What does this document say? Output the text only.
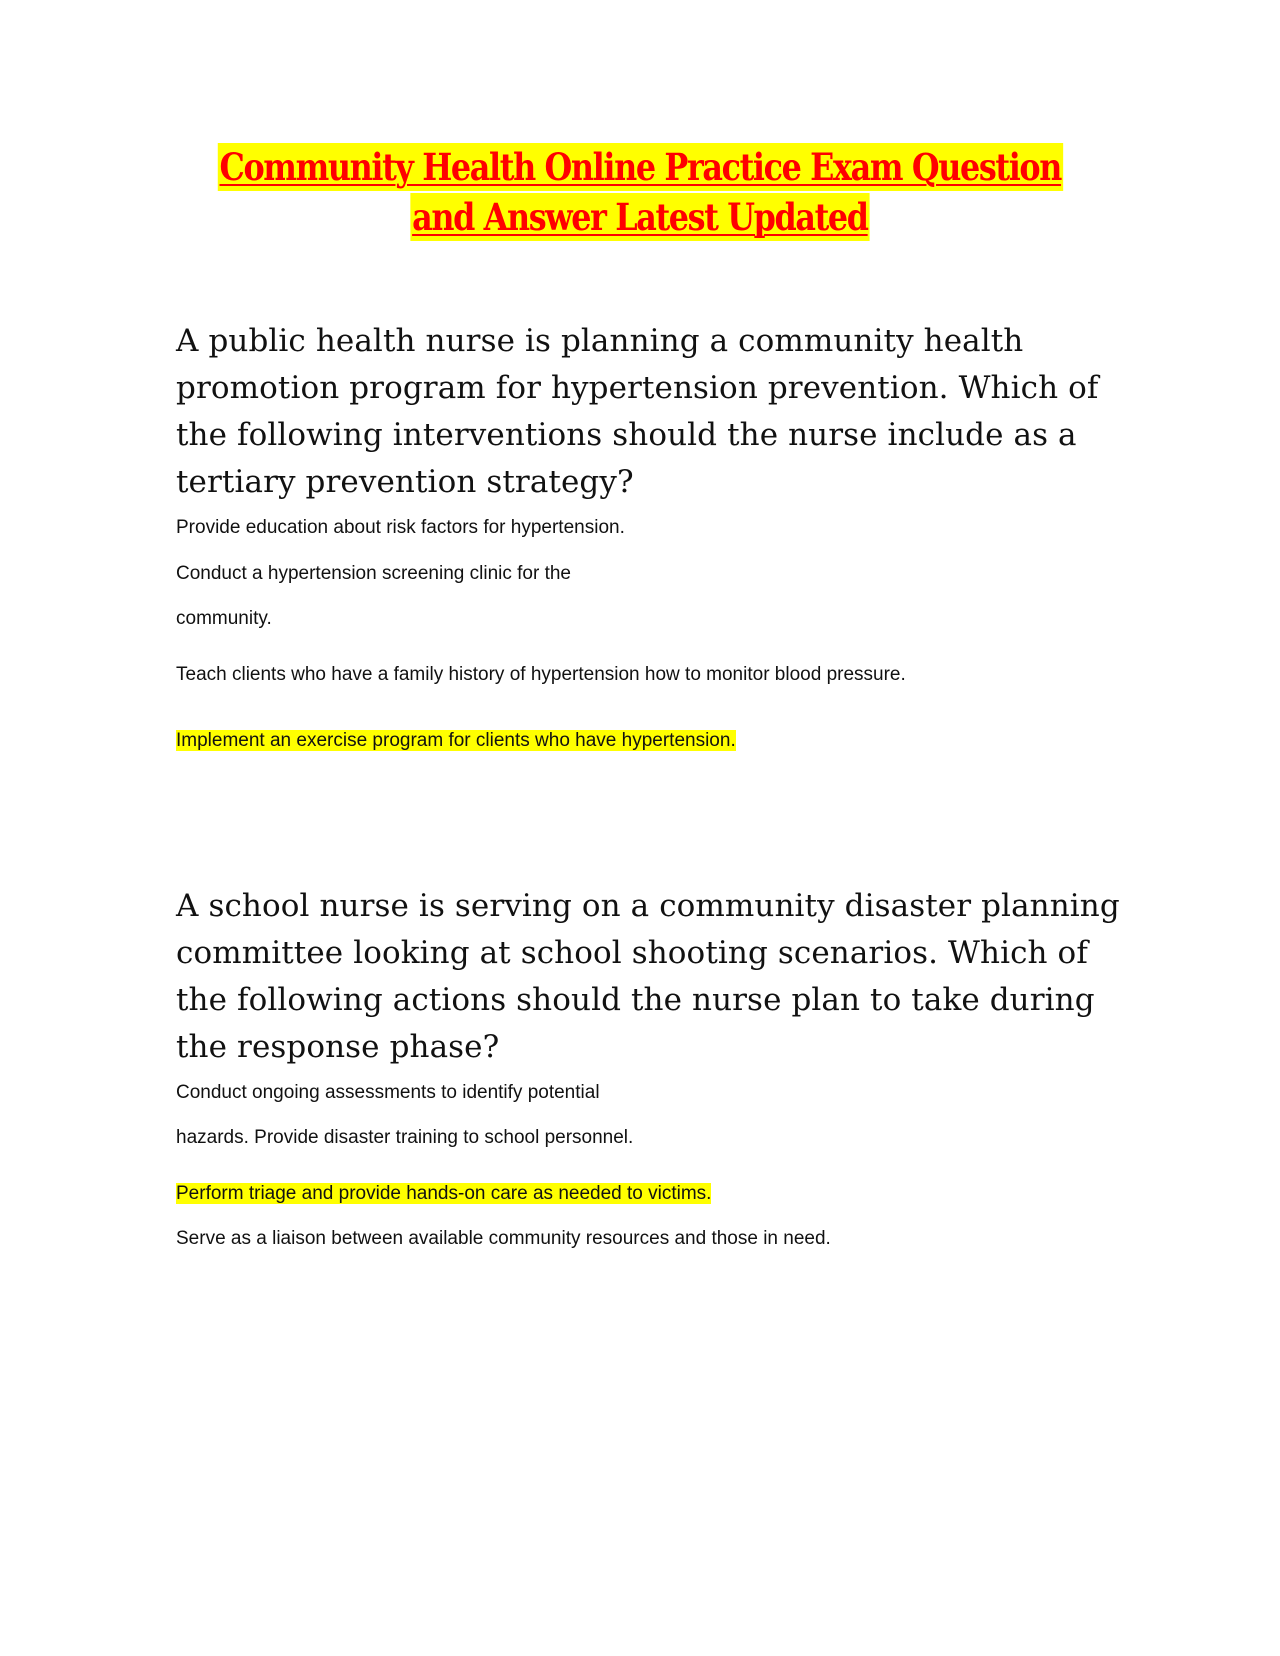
Community Health Online Practice Exam Question
and Answer Latest Updated
A public health nurse is planning a community health
promotion program for hypertension prevention. Which of
the following interventions should the nurse include as a
tertiary prevention strategy?

Provide education about risk factors for hypertension.

Conduct a hypertension screening clinic for the

community.

Teach clients who have a family history of hypertension how to monitor blood pressure.

Implement an exercise program for clients who have hypertension.

A school nurse is serving on a community disaster planning
committee looking at school shooting scenarios. Which of
the following actions should the nurse plan to take during
the response phase?

Conduct ongoing assessments to identify potential

hazards. Provide disaster training to school personnel.

Perform triage and provide hands-on care as needed to victims.

Serve as a liaison between available community resources and those in need.
